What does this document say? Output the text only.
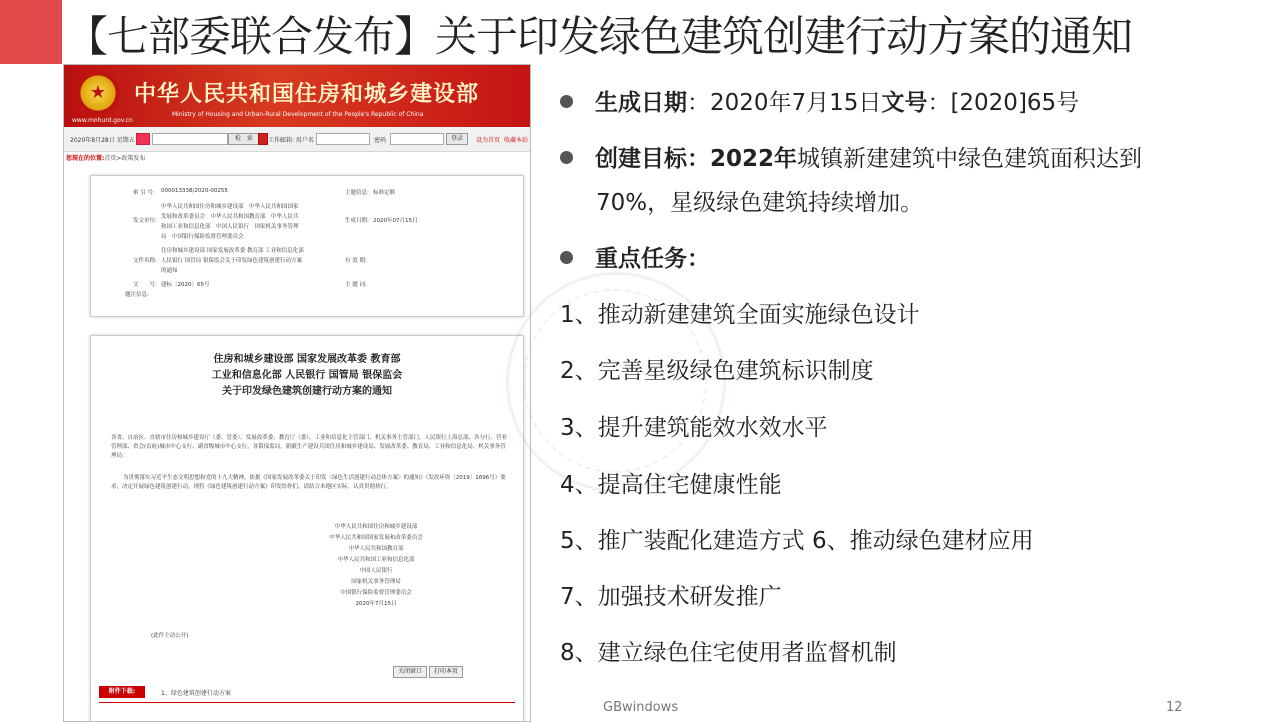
【七部委联合发布】关于印发绿色建筑创建行动方案的通知
★
www.mohurd.gov.cn
中华人民共和国住房和城乡建设部
Ministry of Housing and Urban-Rural Development of the People's Republic of China
2020年8月28日 星期五	检　索	工作邮箱: 用户名	密码	登录	设为首页 收藏本站
您现在的位置:首页>政策发布
索 引 号: 000013338/2020-00255	主题信息: 标准定额
发文单位:
中华人民共和国住房和城乡建设部　中华人民共和国国家
发展和改革委员会　中华人民共和国教育部　中华人民共
和国工业和信息化部　中国人民银行　国家机关事务管理
局　中国银行保险监督管理委员会
生成日期: 2020年07月15日
文件名称:
住房和城乡建设部 国家发展改革委 教育部 工业和信息化部
人民银行 国管局 银保监会关于印发绿色建筑创建行动方案
的通知
有 效 期:
文　　号: 建标〔2020〕65号	主 题 词:
题注信息:
住房和城乡建设部 国家发展改革委 教育部
工业和信息化部 人民银行 国管局 银保监会
关于印发绿色建筑创建行动方案的通知
各省、自治区、直辖市住房和城乡建设厅（委、管委）、发展改革委、教育厅（委）、工业和信息化主管部门、机关事务主管部门，人民银行上海总部、各分行、营业管理部、省会(首府)城市中心支行、副省级城市中心支行，各银保监局，新疆生产建设兵团住房和城乡建设局、发展改革委、教育局、工业和信息化局、机关事务管理局：
为贯彻落实习近平生态文明思想和党的十九大精神，依据《国家发展改革委关于印发〈绿色生活创建行动总体方案〉的通知》（发改环资〔2019〕1696号）要求，决定开展绿色建筑创建行动。现将《绿色建筑创建行动方案》印发给你们，请结合本地区实际，认真贯彻执行。
中华人民共和国住房和城乡建设部
中华人民共和国国家发展和改革委员会
中华人民共和国教育部
中华人民共和国工业和信息化部
中国人民银行
国家机关事务管理局
中国银行保险监督管理委员会
2020年7月15日
(此件主动公开)
关闭窗口	打印本页
附件下载:	1、绿色建筑创建行动方案
生成日期：2020年7月15日文号：[2020]65号
创建目标：2022年城镇新建建筑中绿色建筑面积达到
70%，星级绿色建筑持续增加。
重点任务：
1、推动新建建筑全面实施绿色设计
2、完善星级绿色建筑标识制度
3、提升建筑能效水效水平
4、提高住宅健康性能
5、推广装配化建造方式 6、推动绿色建材应用
7、加强技术研发推广
8、建立绿色住宅使用者监督机制
GBwindows	12
